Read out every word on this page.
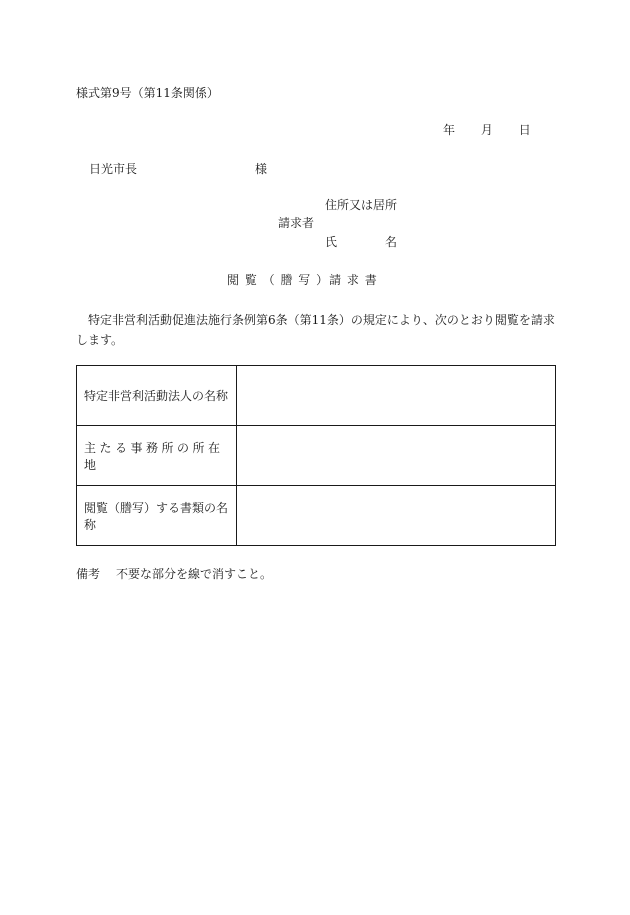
様式第9号（第11条関係）
年 月 日
日光市長	様
住所又は居所
請求者
氏	名
閲 覧 （ 謄 写 ）請 求 書
特定非営利活動促進法施行条例第6条（第11条）の規定により、次のとおり閲覧を請求します。
特定非営利活動法人の名称	
主たる事務所の所在地	
閲覧（謄写）する書類の名称	
備考 不要な部分を線で消すこと。
